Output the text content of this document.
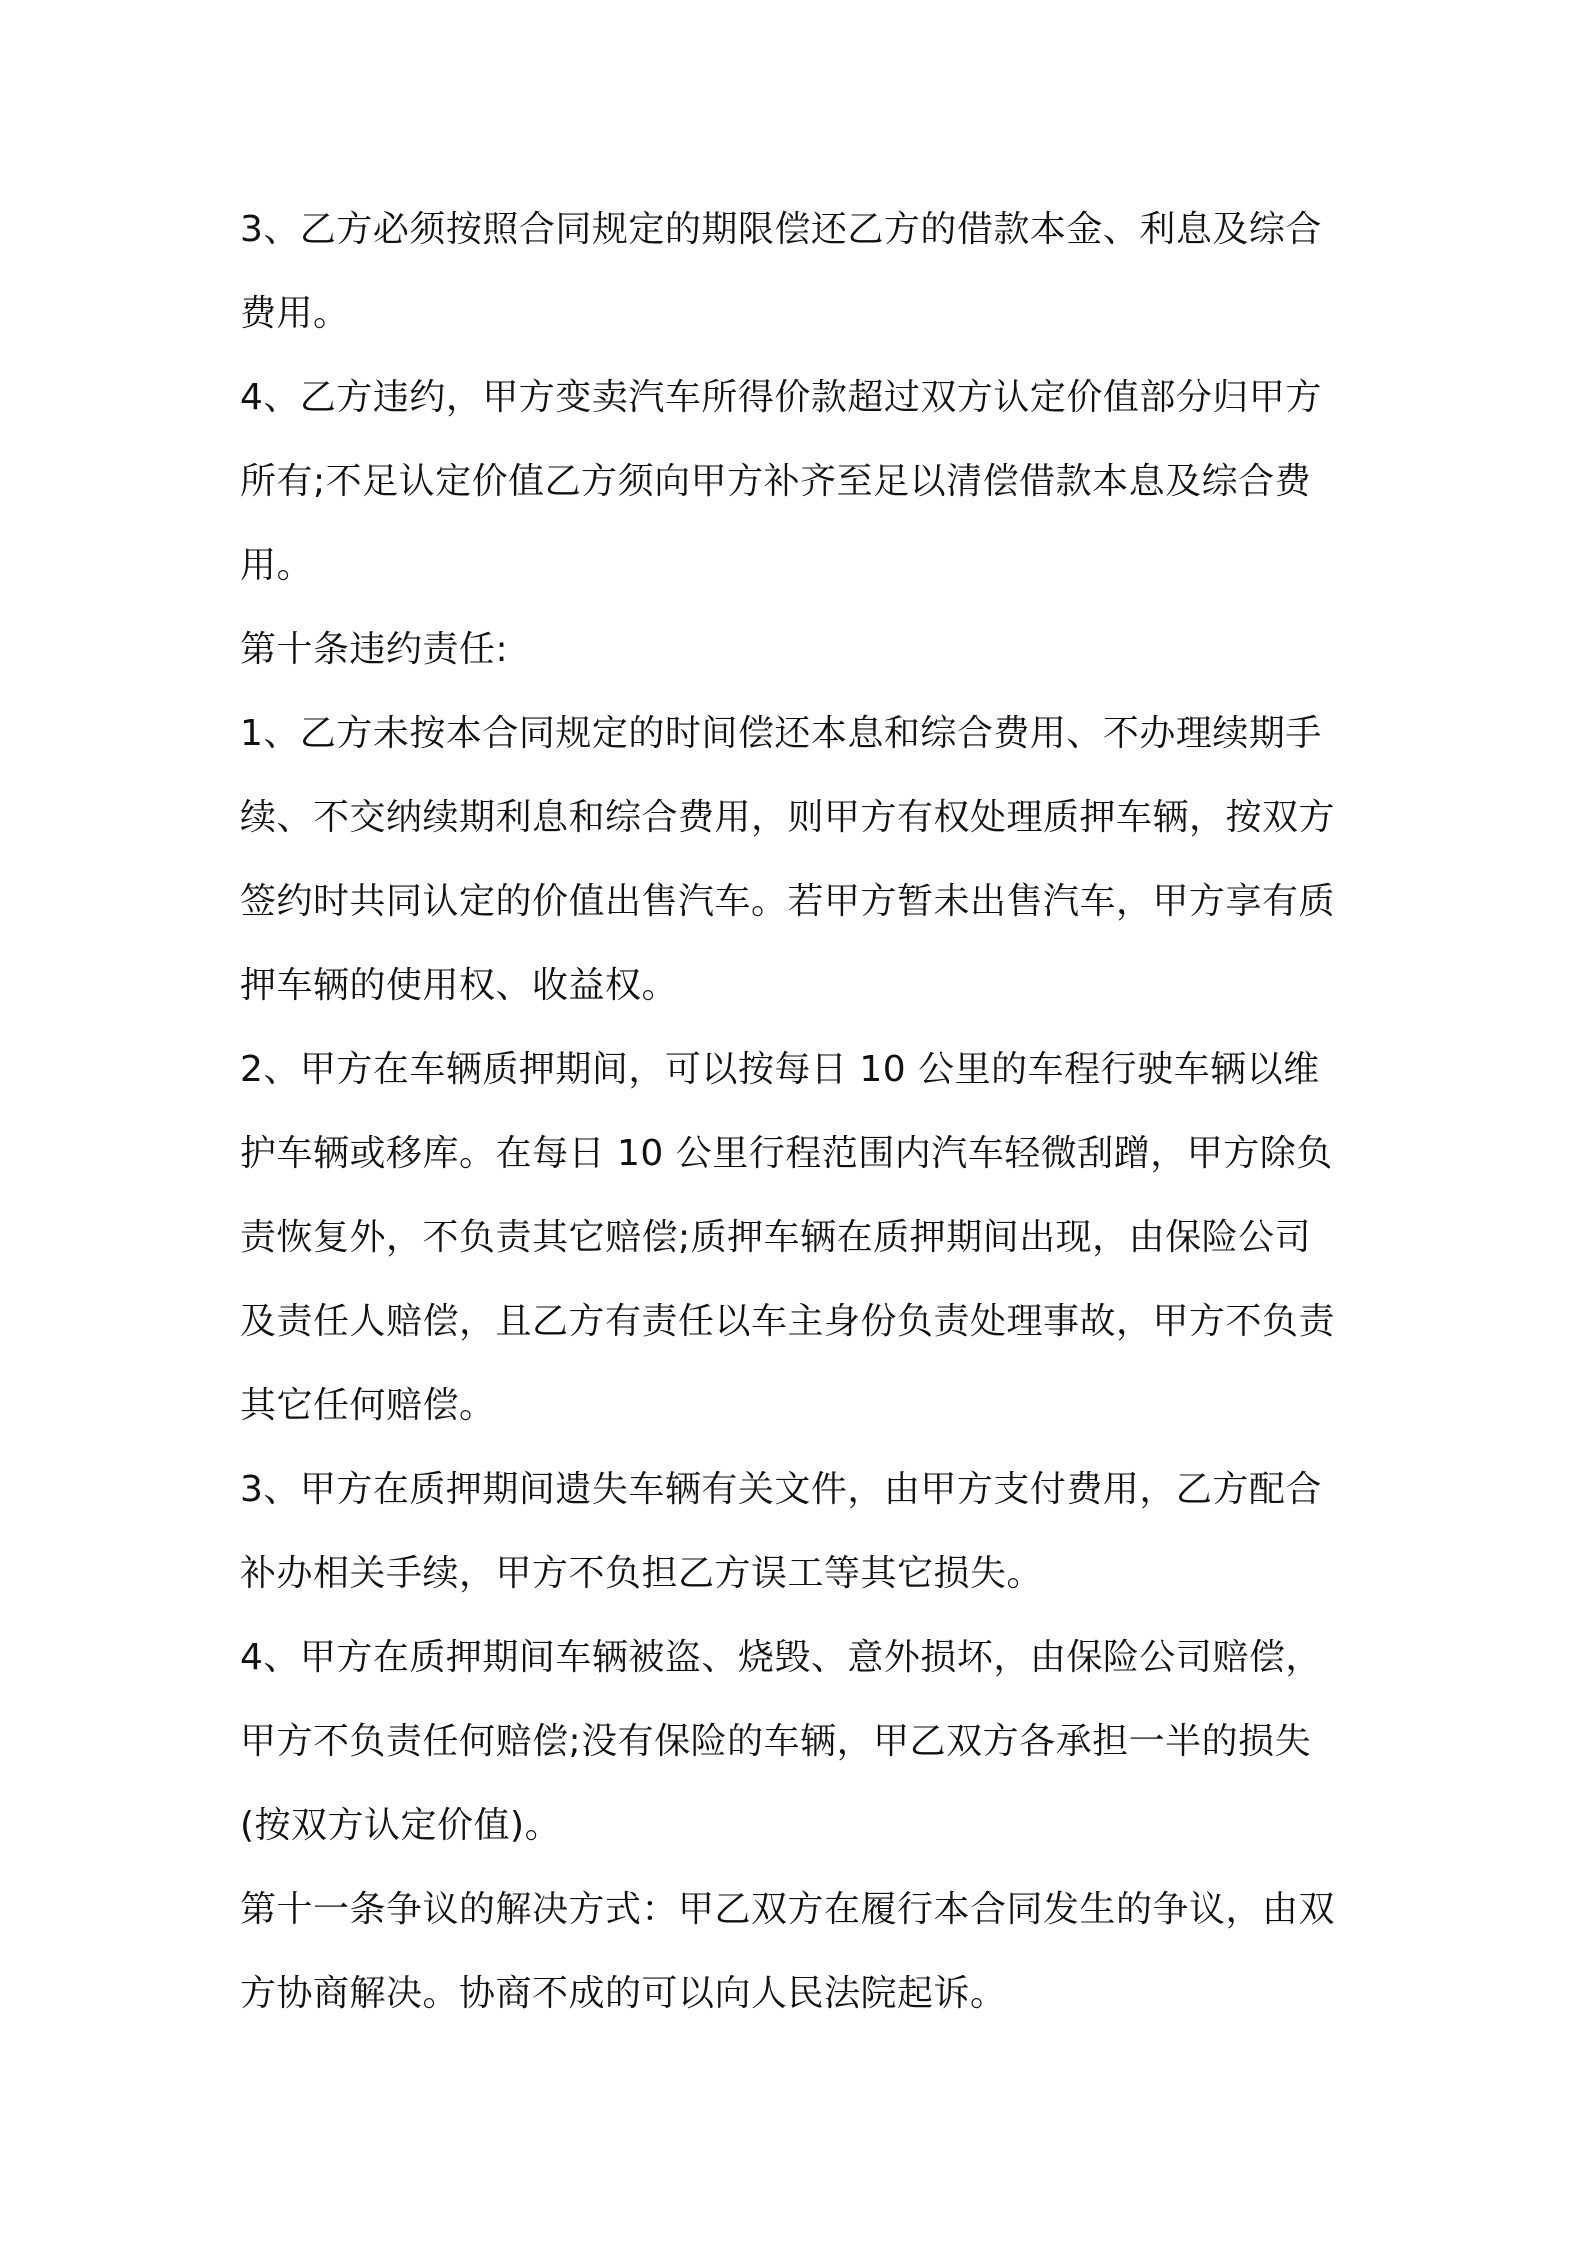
3、乙方必须按照合同规定的期限偿还乙方的借款本金、利息及综合
费用。
4、乙方违约，甲方变卖汽车所得价款超过双方认定价值部分归甲方
所有;不足认定价值乙方须向甲方补齐至足以清偿借款本息及综合费
用。
第十条违约责任:
1、乙方未按本合同规定的时间偿还本息和综合费用、不办理续期手
续、不交纳续期利息和综合费用，则甲方有权处理质押车辆，按双方
签约时共同认定的价值出售汽车。若甲方暂未出售汽车，甲方享有质
押车辆的使用权、收益权。
2、甲方在车辆质押期间，可以按每日 10 公里的车程行驶车辆以维
护车辆或移库。在每日 10 公里行程范围内汽车轻微刮蹭，甲方除负
责恢复外，不负责其它赔偿;质押车辆在质押期间出现，由保险公司
及责任人赔偿，且乙方有责任以车主身份负责处理事故，甲方不负责
其它任何赔偿。
3、甲方在质押期间遗失车辆有关文件，由甲方支付费用，乙方配合
补办相关手续，甲方不负担乙方误工等其它损失。
4、甲方在质押期间车辆被盗、烧毁、意外损坏，由保险公司赔偿，
甲方不负责任何赔偿;没有保险的车辆，甲乙双方各承担一半的损失
(按双方认定价值)。
第十一条争议的解决方式：甲乙双方在履行本合同发生的争议，由双
方协商解决。协商不成的可以向人民法院起诉。
